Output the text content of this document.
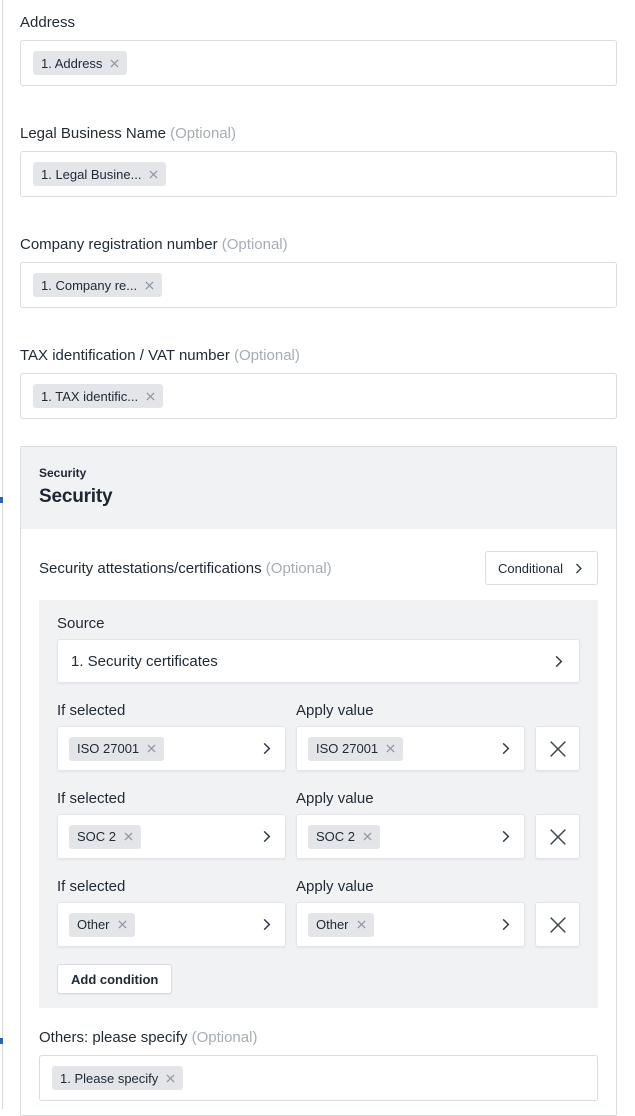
Address
1. Address
Legal Business Name (Optional)
1. Legal Busine...
Company registration number (Optional)
1. Company re...
TAX identification / VAT number (Optional)
1. TAX identific...
Security
Security
Security attestations/certifications (Optional)	Conditional
Source
1. Security certificates
If selected	Apply value
ISO 27001	ISO 27001
If selected	Apply value
SOC 2	SOC 2
If selected	Apply value
Other	Other
Add condition
Others: please specify (Optional)
1. Please specify
